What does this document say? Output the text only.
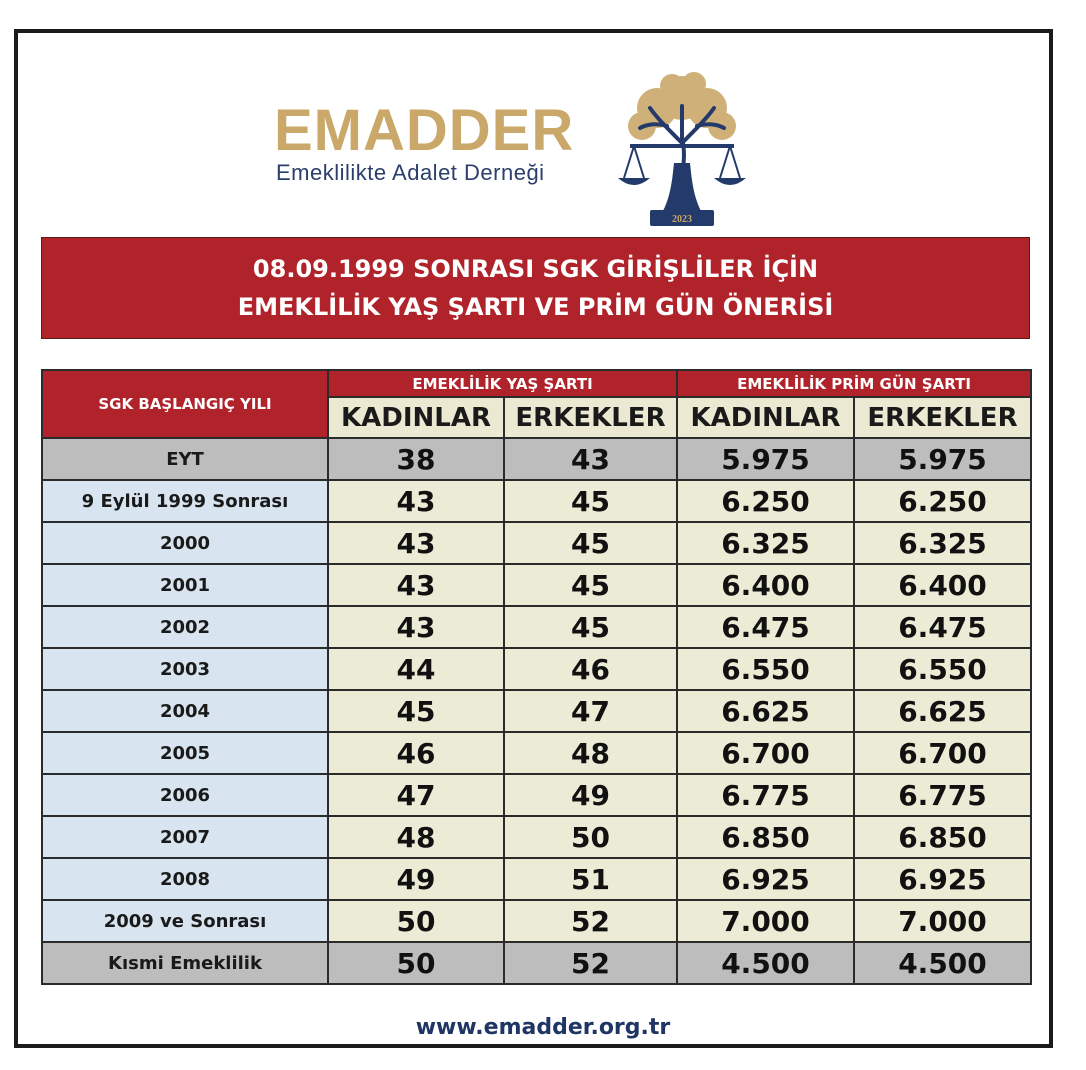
EMADDER
Emeklilikte Adalet Derneği
2023
08.09.1999 SONRASI SGK GİRİŞLİLER İÇİN
EMEKLİLİK YAŞ ŞARTI VE PRİM GÜN ÖNERİSİ
SGK BAŞLANGIÇ YILI	EMEKLİLİK YAŞ ŞARTI		EMEKLİLİK PRİM GÜN ŞARTI	
	KADINLAR	ERKEKLER	KADINLAR	ERKEKLER
EYT	38	43	5.975	5.975
9 Eylül 1999 Sonrası	43	45	6.250	6.250
2000	43	45	6.325	6.325
2001	43	45	6.400	6.400
2002	43	45	6.475	6.475
2003	44	46	6.550	6.550
2004	45	47	6.625	6.625
2005	46	48	6.700	6.700
2006	47	49	6.775	6.775
2007	48	50	6.850	6.850
2008	49	51	6.925	6.925
2009 ve Sonrası	50	52	7.000	7.000
Kısmi Emeklilik	50	52	4.500	4.500
www.emadder.org.tr
